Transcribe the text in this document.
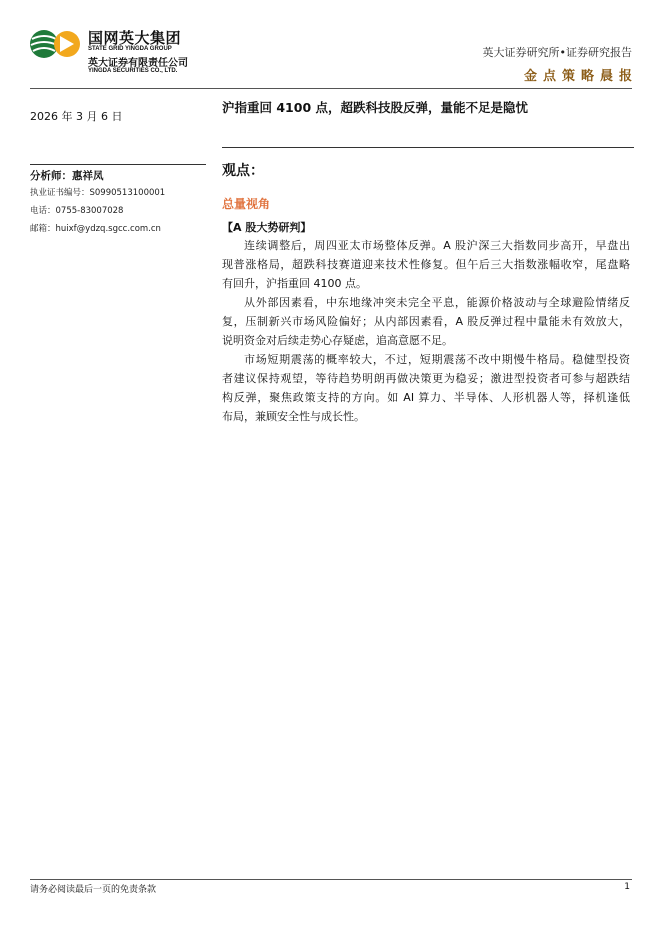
国网英大集团
STATE GRID YINGDA GROUP
英大证券有限责任公司
YINGDA SECURITIES CO., LTD.
英大证券研究所•证券研究报告
金点策略晨报
2026 年 3 月 6 日
分析师：惠祥凤
执业证书编号：S0990513100001
电话：0755-83007028
邮箱：huixf@ydzq.sgcc.com.cn
沪指重回 4100 点，超跌科技股反弹，量能不足是隐忧
观点：
总量视角
【A 股大势研判】
连续调整后，周四亚太市场整体反弹。A 股沪深三大指数同步高开，早盘出
现普涨格局，超跌科技赛道迎来技术性修复。但午后三大指数涨幅收窄，尾盘略
有回升，沪指重回 4100 点。
从外部因素看，中东地缘冲突未完全平息，能源价格波动与全球避险情绪反
复，压制新兴市场风险偏好；从内部因素看，A 股反弹过程中量能未有效放大，
说明资金对后续走势心存疑虑，追高意愿不足。
市场短期震荡的概率较大，不过，短期震荡不改中期慢牛格局。稳健型投资
者建议保持观望，等待趋势明朗再做决策更为稳妥；激进型投资者可参与超跌结
构反弹，聚焦政策支持的方向。如 AI 算力、半导体、人形机器人等，择机逢低
布局，兼顾安全性与成长性。
请务必阅读最后一页的免责条款	1
